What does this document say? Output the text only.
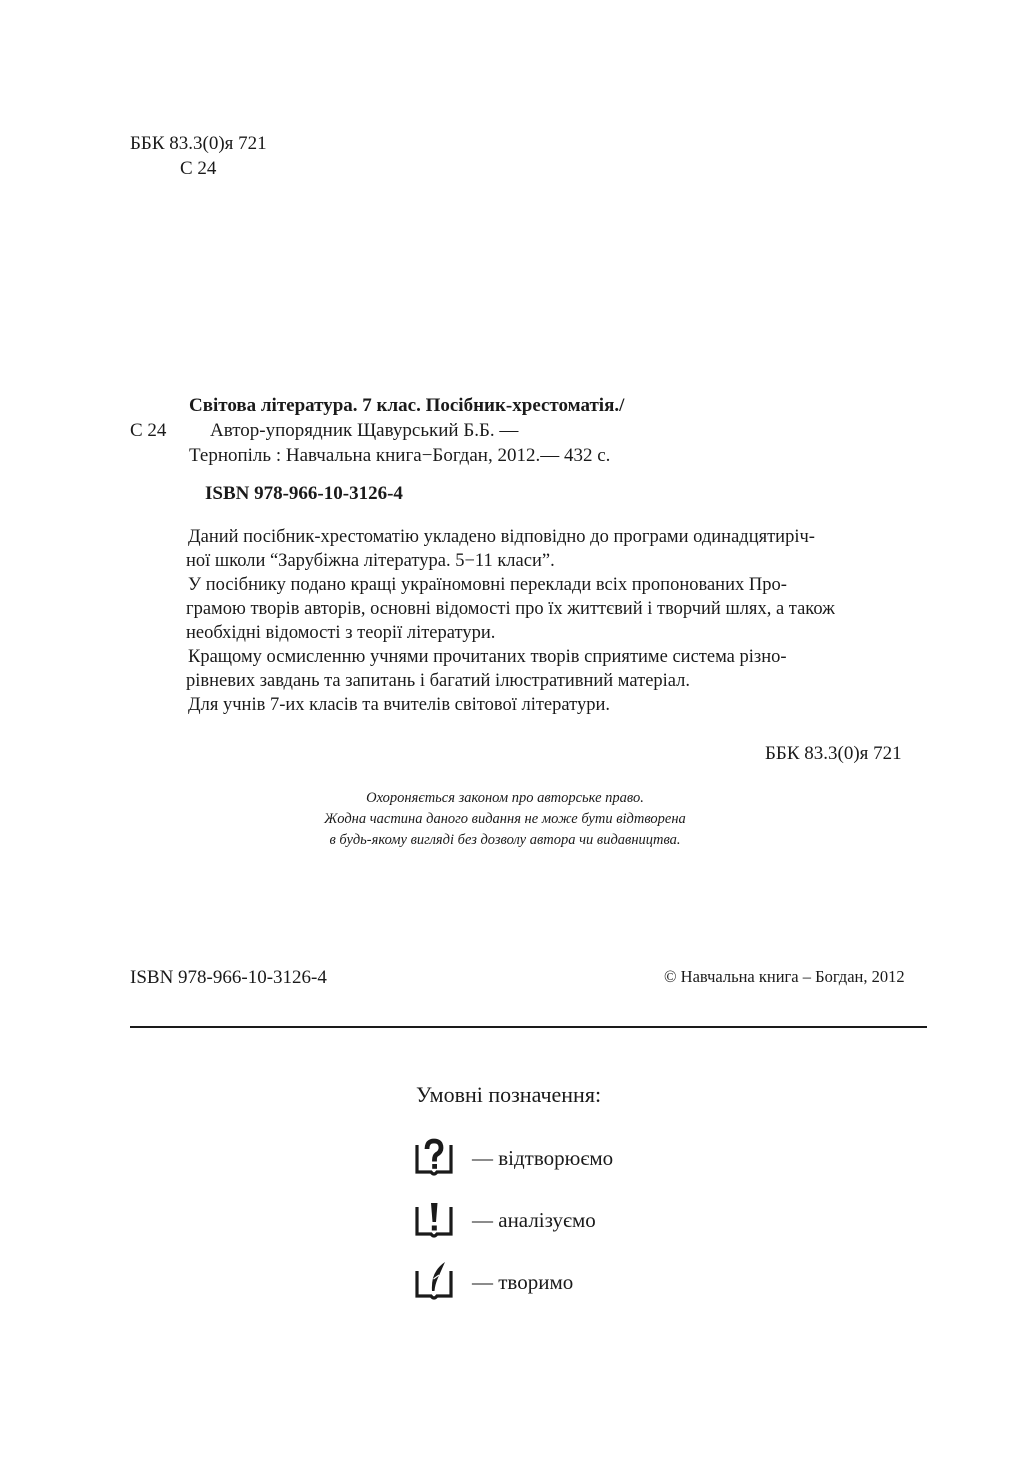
ББК 83.3(0)я 721
С 24
Світова література. 7 клас. Посібник-хрестоматія./
С 24 Автор-упорядник Щавурський Б.Б. —
Тернопіль : Навчальна книга−Богдан, 2012.— 432 с.
ISBN 978-966-10-3126-4
Даний посібник-хрестоматію укладено відповідно до програми одинадцятиріч-
ної школи “Зарубіжна література. 5−11 класи”.
У посібнику подано кращі україномовні переклади всіх пропонованих Про-
грамою творів авторів, основні відомості про їх життєвий і творчий шлях, а також
необхідні відомості з теорії літератури.
Кращому осмисленню учнями прочитаних творів сприятиме система різно-
рівневих завдань та запитань і багатий ілюстративний матеріал.
Для учнів 7-их класів та вчителів світової літератури.
ББК 83.3(0)я 721
Охороняється законом про авторське право.
Жодна частина даного видання не може бути відтворена
в будь-якому вигляді без дозволу автора чи видавництва.
ISBN 978-966-10-3126-4	© Навчальна книга – Богдан, 2012
Умовні позначення:
— відтворюємо
— аналізуємо
— творимо
